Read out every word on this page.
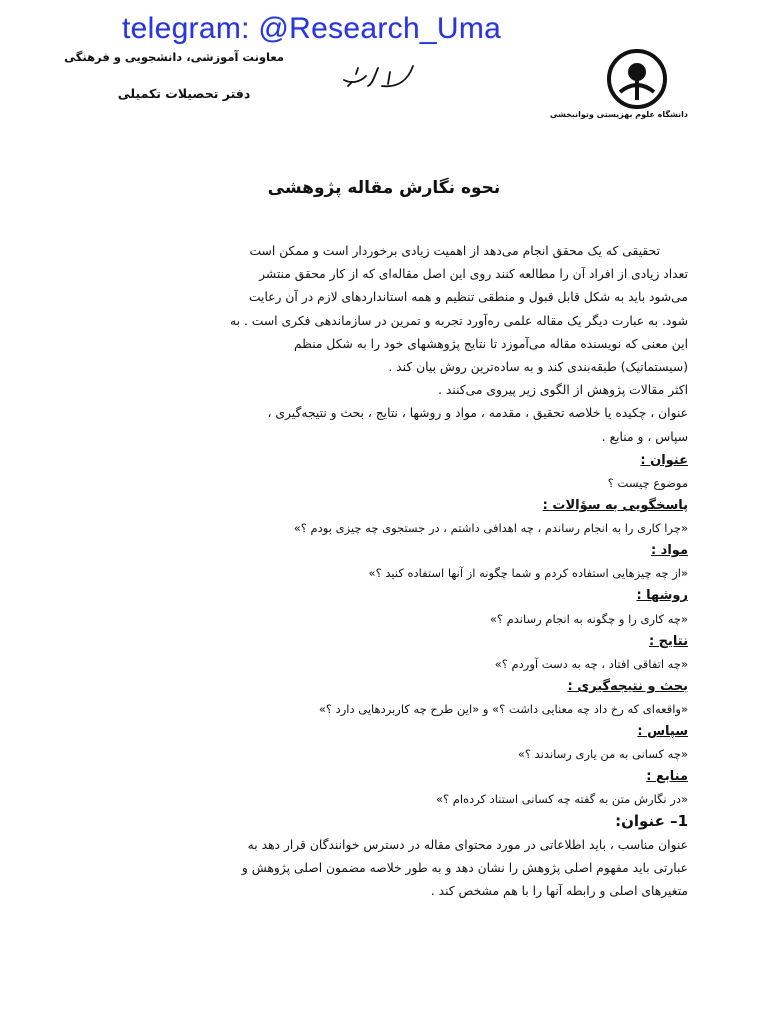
telegram: @Research_Uma
معاونت آموزشی، دانشجویی و فرهنگی
دفتر تحصیلات تکمیلی
دانشگاه علوم بهزیستی وتوانبخشی
نحوه نگارش مقاله پژوهشی

تحقیقی که یک محقق انجام می‌دهد از اهمیت زیادی برخوردار است و ممکن است

تعداد زیادی از افراد آن را مطالعه کنند روی این اصل مقاله‌ای که از کار محقق منتشر

می‌شود باید به شکل قابل قبول و منطقی تنظیم و همه استانداردهای لازم در آن رعایت

شود. به عبارت دیگر یک مقاله علمی ره‌آورد تجربه و تمرین در سازماندهی فکری است . به

این معنی که نویسنده مقاله می‌آموزد تا نتایج پژوهشهای خود را به شکل منظم

(سیستماتیک) طبقه‌بندی کند و به ساده‌ترین روش بیان کند .

اکثر مقالات پژوهش از الگوی زیر پیروی می‌کنند .

عنوان ، چکیده یا خلاصه تحقیق ، مقدمه ، مواد و روشها ، نتایج ، بحث و نتیجه‌گیری ،

سپاس ، و منابع .

عنوان :

موضوع چیست ؟

پاسخگویی به سؤالات :

«چرا کاری را به انجام رساندم ، چه اهدافی داشتم ، در جستجوی چه چیزی بودم ؟»

مواد :

«از چه چیزهایی استفاده کردم و شما چگونه از آنها استفاده کنید ؟»

روشها :

«چه کاری را و چگونه به انجام رساندم ؟»

نتایج :

«چه اتفاقی افتاد ، چه به دست آوردم ؟»

بحث و نتیجه‌گیری :

«واقعه‌ای که رخ داد چه معنایی داشت ؟» و «این طرح چه کاربردهایی دارد ؟»

سپاس :

«چه کسانی به من یاری رساندند ؟»

منابع :

«در نگارش متن به گفته چه کسانی استناد کرده‌ام ؟»

1– عنوان:

عنوان مناسب ، باید اطلاعاتی در مورد محتوای مقاله در دسترس خوانندگان قرار دهد به

عبارتی باید مفهوم اصلی پژوهش را نشان دهد و به طور خلاصه مضمون اصلی پژوهش و

متغیرهای اصلی و رابطه آنها را با هم مشخص کند .
